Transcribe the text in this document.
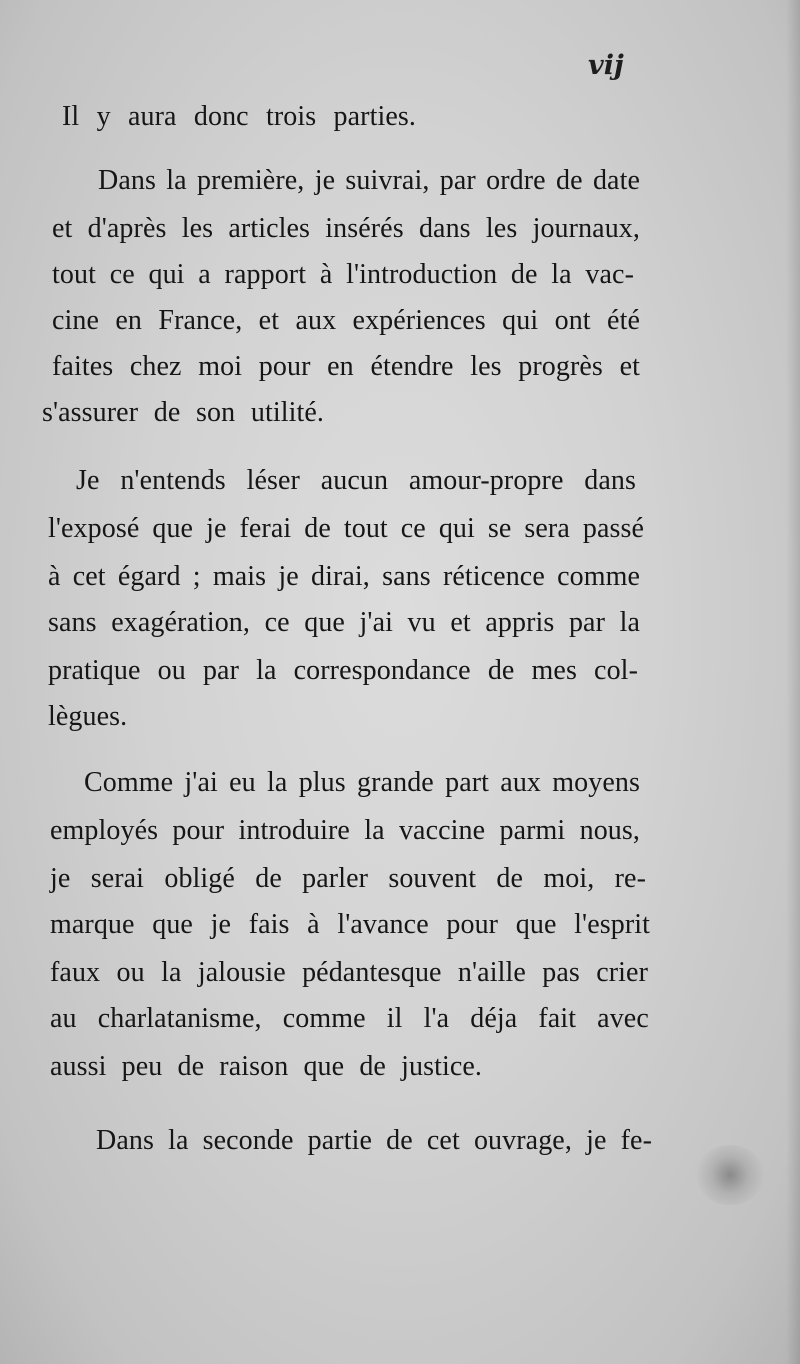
vij
Il y aura donc trois parties.
Dans la première, je suivrai, par ordre de date
et d'après les articles insérés dans les journaux,
tout ce qui a rapport à l'introduction de la vac-
cine en France, et aux expériences qui ont été
faites chez moi pour en étendre les progrès et
s'assurer de son utilité.
Je n'entends léser aucun amour-propre dans
l'exposé que je ferai de tout ce qui se sera passé
à cet égard ; mais je dirai, sans réticence comme
sans exagération, ce que j'ai vu et appris par la
pratique ou par la correspondance de mes col-
lègues.
Comme j'ai eu la plus grande part aux moyens
employés pour introduire la vaccine parmi nous,
je serai obligé de parler souvent de moi, re-
marque que je fais à l'avance pour que l'esprit
faux ou la jalousie pédantesque n'aille pas crier
au charlatanisme, comme il l'a déja fait avec
aussi peu de raison que de justice.
Dans la seconde partie de cet ouvrage, je fe-
